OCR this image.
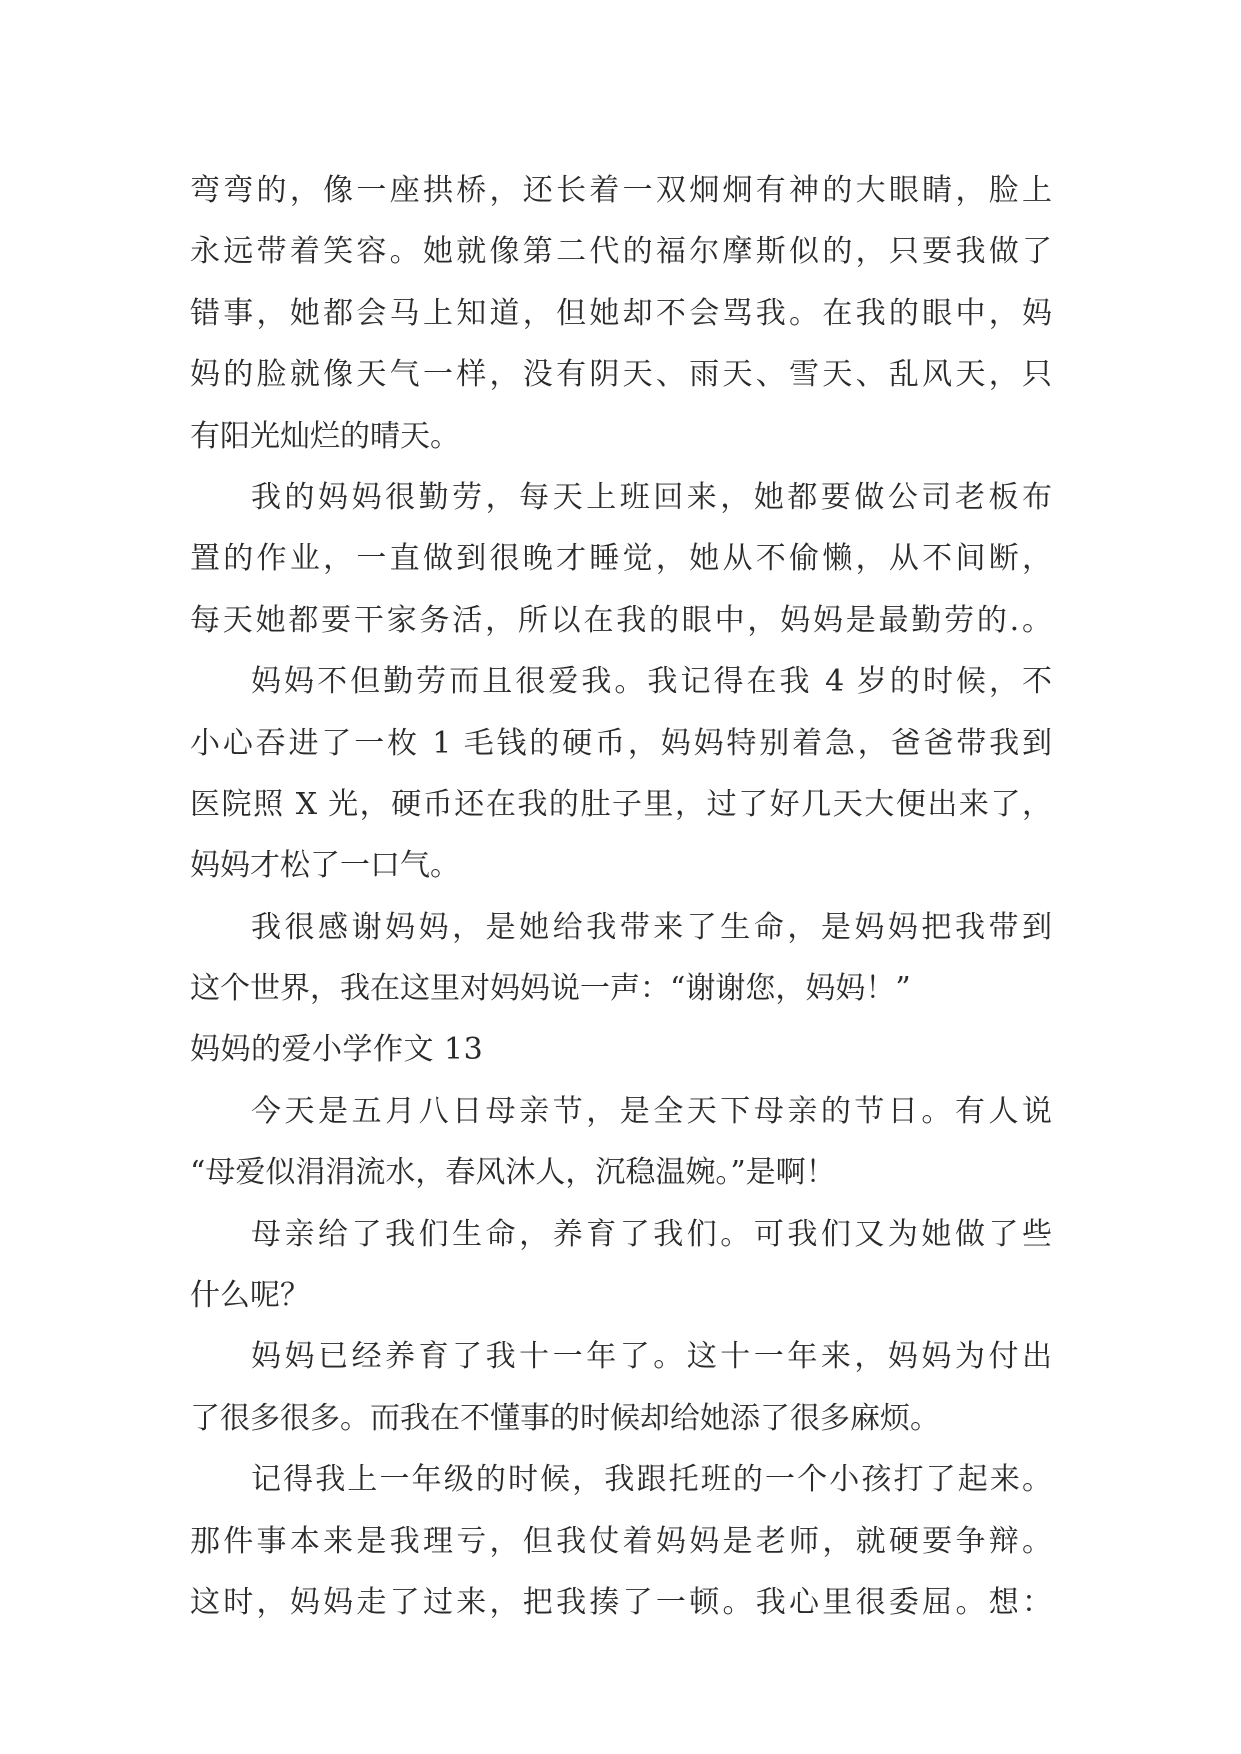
弯弯的，像一座拱桥，还长着一双炯炯有神的大眼睛，脸上
永远带着笑容。她就像第二代的福尔摩斯似的，只要我做了
错事，她都会马上知道，但她却不会骂我。在我的眼中，妈
妈的脸就像天气一样，没有阴天、雨天、雪天、乱风天，只
有阳光灿烂的晴天。
我的妈妈很勤劳，每天上班回来，她都要做公司老板布
置的作业，一直做到很晚才睡觉，她从不偷懒，从不间断，
每天她都要干家务活，所以在我的眼中，妈妈是最勤劳的.。
妈妈不但勤劳而且很爱我。我记得在我 4 岁的时候，不
小心吞进了一枚 1 毛钱的硬币，妈妈特别着急，爸爸带我到
医院照 X 光，硬币还在我的肚子里，过了好几天大便出来了，
妈妈才松了一口气。
我很感谢妈妈，是她给我带来了生命，是妈妈把我带到
这个世界，我在这里对妈妈说一声：“谢谢您，妈妈！”
妈妈的爱小学作文 13
今天是五月八日母亲节，是全天下母亲的节日。有人说
“母爱似涓涓流水，春风沐人，沉稳温婉。”是啊！
母亲给了我们生命，养育了我们。可我们又为她做了些
什么呢？
妈妈已经养育了我十一年了。这十一年来，妈妈为付出
了很多很多。而我在不懂事的时候却给她添了很多麻烦。
记得我上一年级的时候，我跟托班的一个小孩打了起来。
那件事本来是我理亏，但我仗着妈妈是老师，就硬要争辩。
这时，妈妈走了过来，把我揍了一顿。我心里很委屈。想：
